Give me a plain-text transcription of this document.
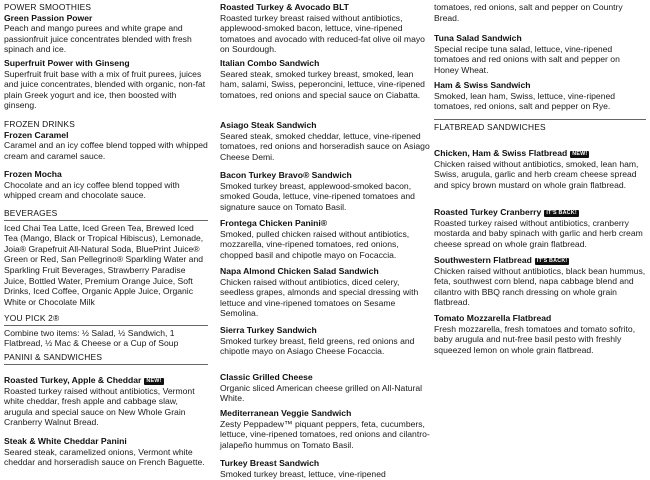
POWER SMOOTHIES
Green Passion Power
Peach and mango purees and white grape and passionfruit juice concentrates blended with fresh spinach and ice.
Superfruit Power with Ginseng
Superfruit fruit base with a mix of fruit purees, juices and juice concentrates, blended with organic, non-fat plain Greek yogurt and ice, then boosted with ginseng.
FROZEN DRINKS
Frozen Caramel
Caramel and an icy coffee blend topped with whipped cream and caramel sauce.
Frozen Mocha
Chocolate and an icy coffee blend topped with whipped cream and chocolate sauce.
BEVERAGES
Iced Chai Tea Latte, Iced Green Tea, Brewed Iced Tea (Mango, Black or Tropical Hibiscus), Lemonade, Joia® Grapefruit All-Natural Soda, BluePrint Juice® Green or Red, San Pellegrino® Sparkling Water and Sparkling Fruit Beverages, Strawberry Paradise Juice, Bottled Water, Premium Orange Juice, Soft Drinks, Iced Coffee, Organic Apple Juice, Organic White or Chocolate Milk
YOU PICK 2®
Combine two items: ½ Salad, ½ Sandwich, 1 Flatbread, ½ Mac & Cheese or a Cup of Soup
PANINI & SANDWICHES
Roasted Turkey, Apple & Cheddar NEW!
Roasted turkey raised without antibiotics, Vermont white cheddar, fresh apple and cabbage slaw, arugula and special sauce on New Whole Grain Cranberry Walnut Bread.
Steak & White Cheddar Panini
Seared steak, caramelized onions, Vermont white cheddar and horseradish sauce on French Baguette.
Roasted Turkey & Avocado BLT
Roasted turkey breast raised without antibiotics, applewood-smoked bacon, lettuce, vine-ripened tomatoes and avocado with reduced-fat olive oil mayo on Sourdough.
Italian Combo Sandwich
Seared steak, smoked turkey breast, smoked, lean ham, salami, Swiss, peperoncini, lettuce, vine-ripened tomatoes, red onions and special sauce on Ciabatta.
Asiago Steak Sandwich
Seared steak, smoked cheddar, lettuce, vine-ripened tomatoes, red onions and horseradish sauce on Asiago Cheese Demi.
Bacon Turkey Bravo® Sandwich
Smoked turkey breast, applewood-smoked bacon, smoked Gouda, lettuce, vine-ripened tomatoes and signature sauce on Tomato Basil.
Frontega Chicken Panini®
Smoked, pulled chicken raised without antibiotics, mozzarella, vine-ripened tomatoes, red onions, chopped basil and chipotle mayo on Focaccia.
Napa Almond Chicken Salad Sandwich
Chicken raised without antibiotics, diced celery, seedless grapes, almonds and special dressing with lettuce and vine-ripened tomatoes on Sesame Semolina.
Sierra Turkey Sandwich
Smoked turkey breast, field greens, red onions and chipotle mayo on Asiago Cheese Focaccia.
Classic Grilled Cheese
Organic sliced American cheese grilled on All-Natural White.
Mediterranean Veggie Sandwich
Zesty Peppadew™ piquant peppers, feta, cucumbers, lettuce, vine-ripened tomatoes, red onions and cilantro-jalapeño hummus on Tomato Basil.
Turkey Breast Sandwich
Smoked turkey breast, lettuce, vine-ripened
tomatoes, red onions, salt and pepper on Country Bread.
Tuna Salad Sandwich
Special recipe tuna salad, lettuce, vine-ripened tomatoes and red onions with salt and pepper on Honey Wheat.
Ham & Swiss Sandwich
Smoked, lean ham, Swiss, lettuce, vine-ripened tomatoes, red onions, salt and pepper on Rye.
FLATBREAD SANDWICHES
Chicken, Ham & Swiss Flatbread NEW!
Chicken raised without antibiotics, smoked, lean ham, Swiss, arugula, garlic and herb cream cheese spread and spicy brown mustard on whole grain flatbread.
Roasted Turkey Cranberry IT'S BACK!
Roasted turkey raised without antibiotics, cranberry mostarda and baby spinach with garlic and herb cream cheese spread on whole grain flatbread.
Southwestern Flatbread IT'S BACK!
Chicken raised without antibiotics, black bean hummus, feta, southwest corn blend, napa cabbage blend and cilantro with BBQ ranch dressing on whole grain flatbread.
Tomato Mozzarella Flatbread
Fresh mozzarella, fresh tomatoes and tomato sofrito, baby arugula and nut-free basil pesto with freshly squeezed lemon on whole grain flatbread.
